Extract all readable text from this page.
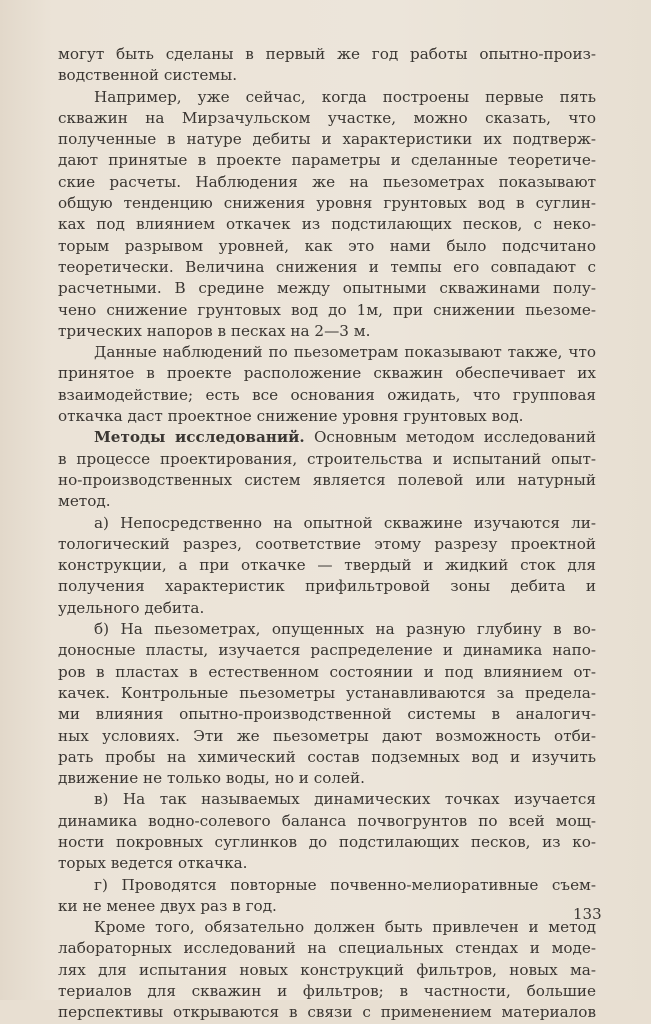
могут быть сделаны в первый же год работы опытно-произ-
водственной системы.

Например, уже сейчас, когда построены первые пять
скважин на Мирзачульском участке, можно сказать, что
полученные в натуре дебиты и характеристики их подтверж-
дают принятые в проекте параметры и сделанные теоретиче-
ские расчеты. Наблюдения же на пьезометрах показывают
общую тенденцию снижения уровня грунтовых вод в суглин-
ках под влиянием откачек из подстилающих песков, с неко-
торым разрывом уровней, как это нами было подсчитано
теоретически. Величина снижения и темпы его совпадают с
расчетными. В средине между опытными скважинами полу-
чено снижение грунтовых вод до 1м, при снижении пьезоме-
трических напоров в песках на 2—3 м.

Данные наблюдений по пьезометрам показывают также, что
принятое в проекте расположение скважин обеспечивает их
взаимодействие; есть все основания ожидать, что групповая
откачка даст проектное снижение уровня грунтовых вод.

Методы исследований. Основным методом исследований
в процессе проектирования, строительства и испытаний опыт-
но-производственных систем является полевой или натурный
метод.

а) Непосредственно на опытной скважине изучаются ли-
тологический разрез, соответствие этому разрезу проектной
конструкции, а при откачке — твердый и жидкий сток для
получения характеристик прифильтровой зоны дебита и
удельного дебита.

б) На пьезометрах, опущенных на разную глубину в во-
доносные пласты, изучается распределение и динамика напо-
ров в пластах в естественном состоянии и под влиянием от-
качек. Контрольные пьезометры устанавливаются за предела-
ми влияния опытно-производственной системы в аналогич-
ных условиях. Эти же пьезометры дают возможность отби-
рать пробы на химический состав подземных вод и изучить
движение не только воды, но и солей.

в) На так называемых динамических точках изучается
динамика водно-солевого баланса почвогрунтов по всей мощ-
ности покровных суглинков до подстилающих песков, из ко-
торых ведется откачка.

г) Проводятся повторные почвенно-мелиоративные съем-
ки не менее двух раз в год.

Кроме того, обязательно должен быть привлечен и метод
лабораторных исследований на специальных стендах и моде-
лях для испытания новых конструкций фильтров, новых ма-
териалов для скважин и фильтров; в частности, большие
перспективы открываются в связи с применением материалов

133
